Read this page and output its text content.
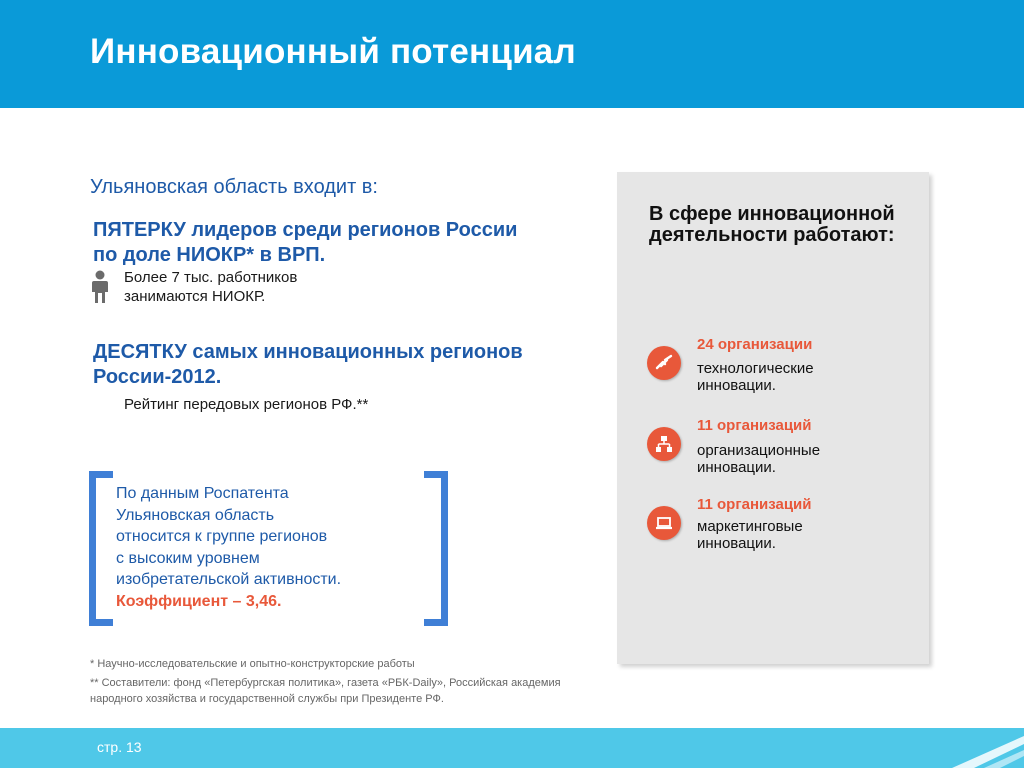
Инновационный потенциал
Ульяновская область входит в:
ПЯТЕРКУ лидеров среди регионов России по доле НИОКР* в ВРП.
Более 7 тыс. работников
занимаются НИОКР.
ДЕСЯТКУ самых инновационных регионов России-2012.
Рейтинг передовых регионов РФ.**
По данным Роспатента
Ульяновская область
относится к группе регионов
с высоким уровнем
изобретательской активности.
Коэффициент – 3,46.
В сфере инновационной деятельности работают:
24 организации
технологические
инновации.
11 организаций
организационные
инновации.
11 организаций
маркетинговые
инновации.
* Научно-исследовательские и опытно-конструкторские работы
** Составители: фонд «Петербургская политика», газета «РБК-Daily», Российская академия народного хозяйства и государственной службы при Президенте РФ.
стр. 13
